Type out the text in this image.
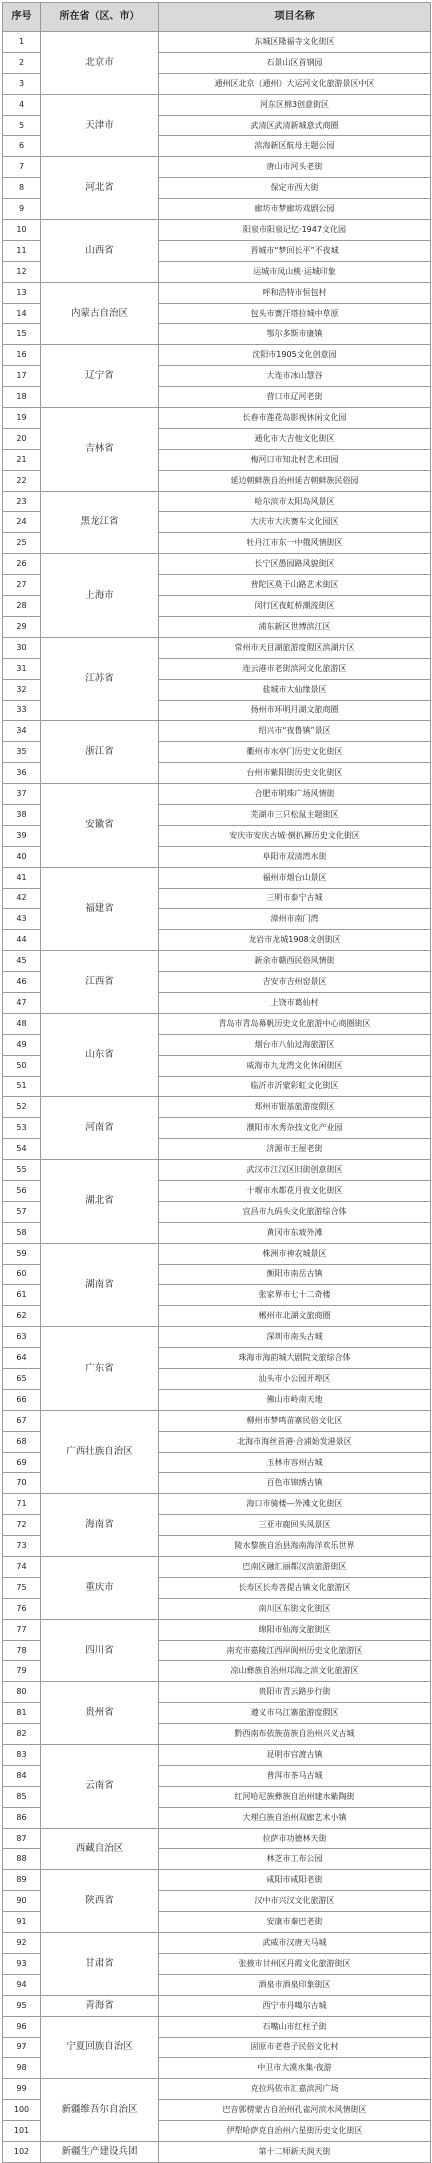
序号	所在省（区、市）	项目名称
1	北京市	东城区隆福寺文化街区
2		石景山区首钢园
3		通州区北京（通州）大运河文化旅游景区中区
4	天津市	河东区棉3创意街区
5		武清区武清新城意式商圈
6		滨海新区航母主题公园
7	河北省	唐山市河头老街
8		保定市西大街
9		廊坊市梦廊坊戏剧公园
10	山西省	阳泉市阳泉记忆·1947文化园
11		晋城市“梦回长平”不夜城
12		运城市凤山桃·运城印象
13	内蒙古自治区	呼和浩特市恒包村
14		包头市赛汗塔拉城中草原
15		鄂尔多斯市康镇
16	辽宁省	沈阳市1905文化创意园
17		大连市冰山慧谷
18		营口市辽河老街
19	吉林省	长春市莲花岛影视休闲文化园
20		通化市大吉他文化街区
21		梅河口市知北村艺术田园
22		延边朝鲜族自治州延吉朝鲜族民俗园
23	黑龙江省	哈尔滨市太阳岛风景区
24		大庆市大庆赛车文化园区
25		牡丹江市东一中俄风情街区
26	上海市	长宁区愚园路风貌街区
27		普陀区莫干山路艺术街区
28		闵行区夜虹桥潮流街区
29		浦东新区世博滨江区
30	江苏省	常州市天目湖旅游度假区滨湖片区
31		连云港市老街滨河文化旅游区
32		盐城市大仙缘景区
33		扬州市环明月湖文旅商圈
34	浙江省	绍兴市“夜鲁镇”景区
35		衢州市水亭门历史文化街区
36		台州市紫阳街历史文化街区
37	安徽省	合肥市明珠广场风情街
38		芜湖市三只松鼠主题街区
39		安庆市安庆古城·倒扒狮历史文化街区
40		阜阳市双清湾水街
41	福建省	福州市烟台山景区
42		三明市泰宁古城
43		漳州市南门湾
44		龙岩市龙城1908文创街区
45	江西省	新余市赣西民俗风情街
46		吉安市吉州窑景区
47		上饶市葛仙村
48	山东省	青岛市青岛幕帆历史文化旅游中心商圈街区
49		烟台市八仙过海旅游区
50		威海市九龙湾文化休闲街区
51		临沂市沂蒙彩虹文化街区
52	河南省	郑州市银基旅游度假区
53		濮阳市水秀杂技文化产业园
54		济源市王屋老街
55	湖北省	武汉市江汉区旧街创意街区
56		十堰市水都花月夜文化街区
57		宜昌市九码头文化旅游综合体
58		黄冈市东坡外滩
59	湖南省	株洲市神农城景区
60		衡阳市南岳古镇
61		张家界市七十二奇楼
62		郴州市北湖文旅商圈
63	广东省	深圳市南头古城
64		珠海市海韵城大剧院文旅综合体
65		汕头市小公园开埠区
66		佛山市岭南天地
67	广西壮族自治区	柳州市梦鸣苗寨民俗文化区
68		北海市海丝首港·合浦始发港景区
69		玉林市容州古城
70		百色市锦绣古镇
71	海南省	海口市骑楼—外滩文化街区
72		三亚市鹿回头风景区
73		陵水黎族自治县海南海洋欢乐世界
74	重庆市	巴南区融汇丽都汉滨旅游街区
75		长寿区长寿菩提古镇文化旅游区
76		南川区东街文化街区
77	四川省	绵阳市仙海文旅街区
78		南充市嘉陵江西岸阆州历史文化旅游区
79		凉山彝族自治州邛海之滨文化旅游区
80	贵州省	贵阳市青云路步行街
81		遵义市乌江寨旅游度假区
82		黔西南布依族苗族自治州兴义古城
83	云南省	昆明市官渡古镇
84		普洱市茶马古城
85		红河哈尼族彝族自治州建水紫陶街
86		大理白族自治州双廊艺术小镇
87	西藏自治区	拉萨市功德林天街
88		林芝市工布公园
89	陕西省	咸阳市咸阳老街
90		汉中市兴汉文化旅游区
91		安康市秦巴老街
92	甘肃省	武威市汉唐天马城
93		张掖市甘州区丹霞文化旅游街区
94		酒泉市酒泉印象街区
95	青海省	西宁市丹噶尔古城
96	宁夏回族自治区	石嘴山市红柱子街
97		固原市老巷子民俗文化村
98		中卫市大漠水集·夜游
99	新疆维吾尔自治区	克拉玛依市汇嘉滨河广场
100		巴音郭楞蒙古自治州孔雀河滨水风情街区
101		伊犁哈萨克自治州六星街历史文化街区
102	新疆生产建设兵团	第十二师新天润天街
